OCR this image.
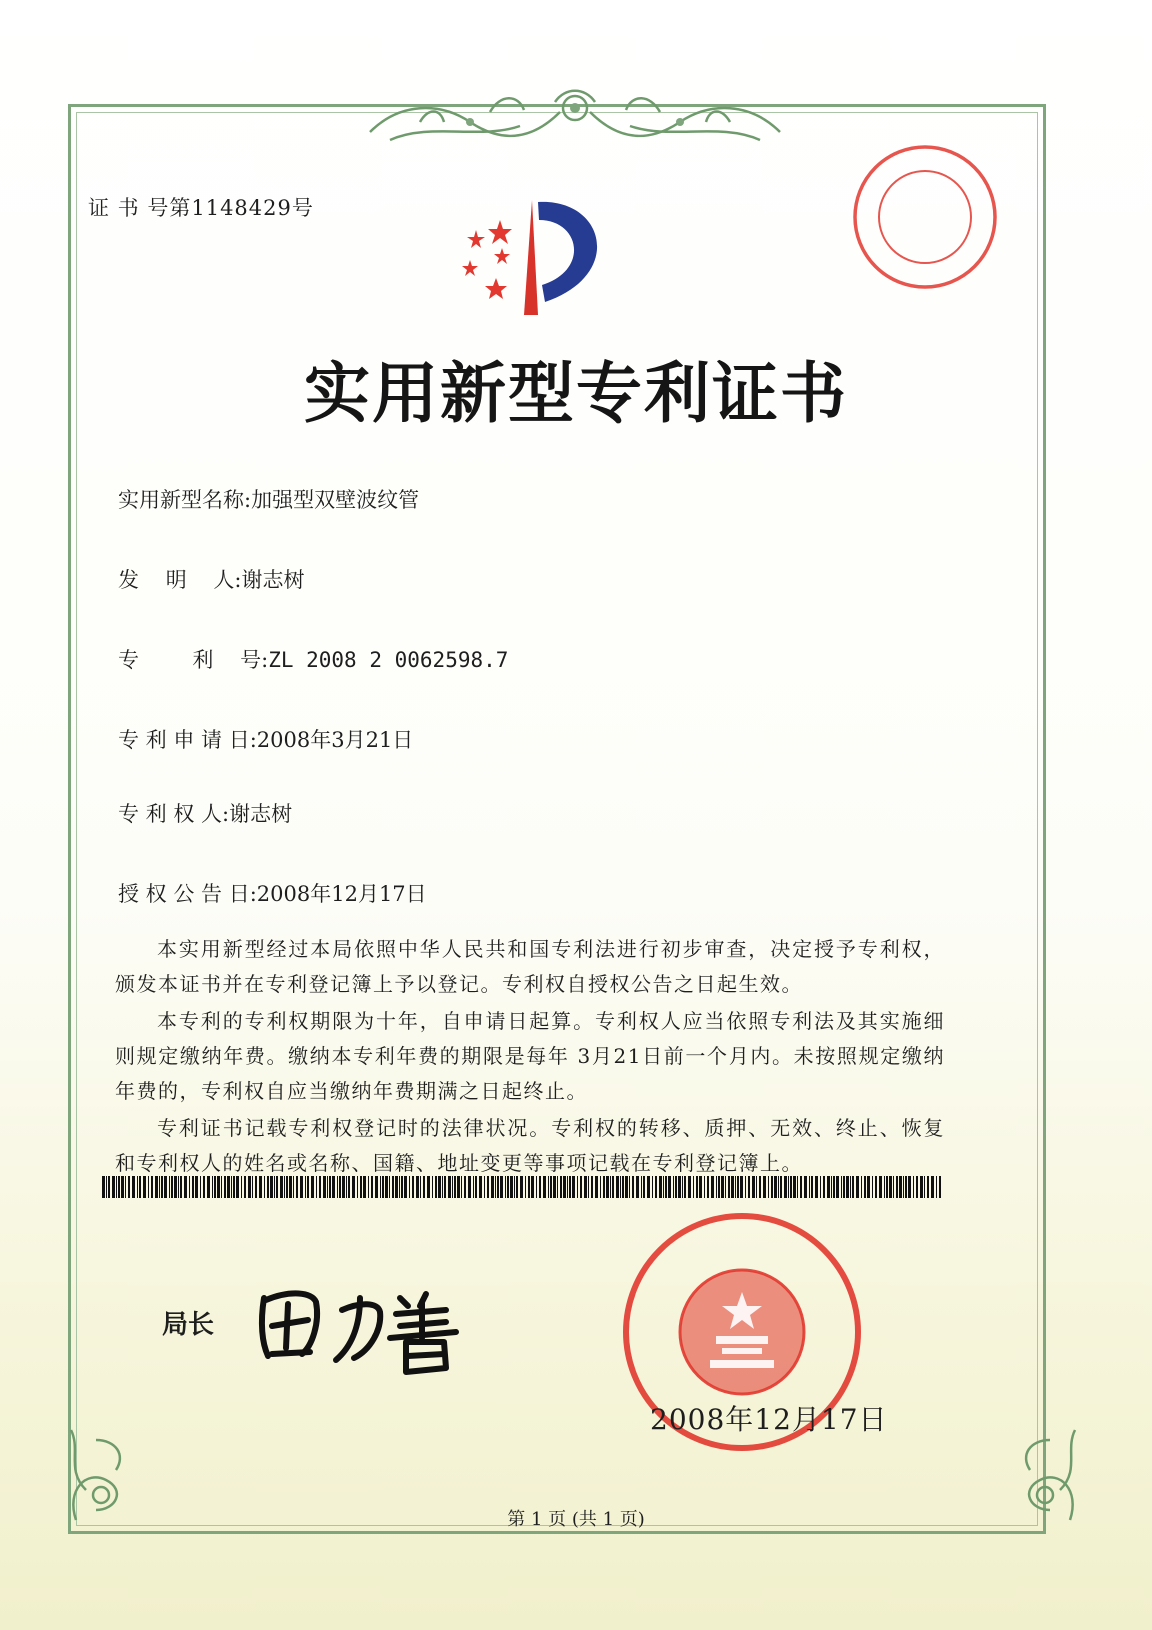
证 书 号第1148429号
实用新型专利证书
实用新型名称:加强型双壁波纹管
发    明    人:谢志树
专        利    号:ZL 2008 2 0062598.7
专 利 申 请 日:2008年3月21日
专 利 权 人:谢志树
授 权 公 告 日:2008年12月17日

本实用新型经过本局依照中华人民共和国专利法进行初步审查，决定授予专利权，颁发本证书并在专利登记簿上予以登记。专利权自授权公告之日起生效。

本专利的专利权期限为十年，自申请日起算。专利权人应当依照专利法及其实施细则规定缴纳年费。缴纳本专利年费的期限是每年 3月21日前一个月内。未按照规定缴纳年费的，专利权自应当缴纳年费期满之日起终止。

专利证书记载专利权登记时的法律状况。专利权的转移、质押、无效、终止、恢复和专利权人的姓名或名称、国籍、地址变更等事项记载在专利登记簿上。

局长
2008年12月17日
第 1 页 (共 1 页)
